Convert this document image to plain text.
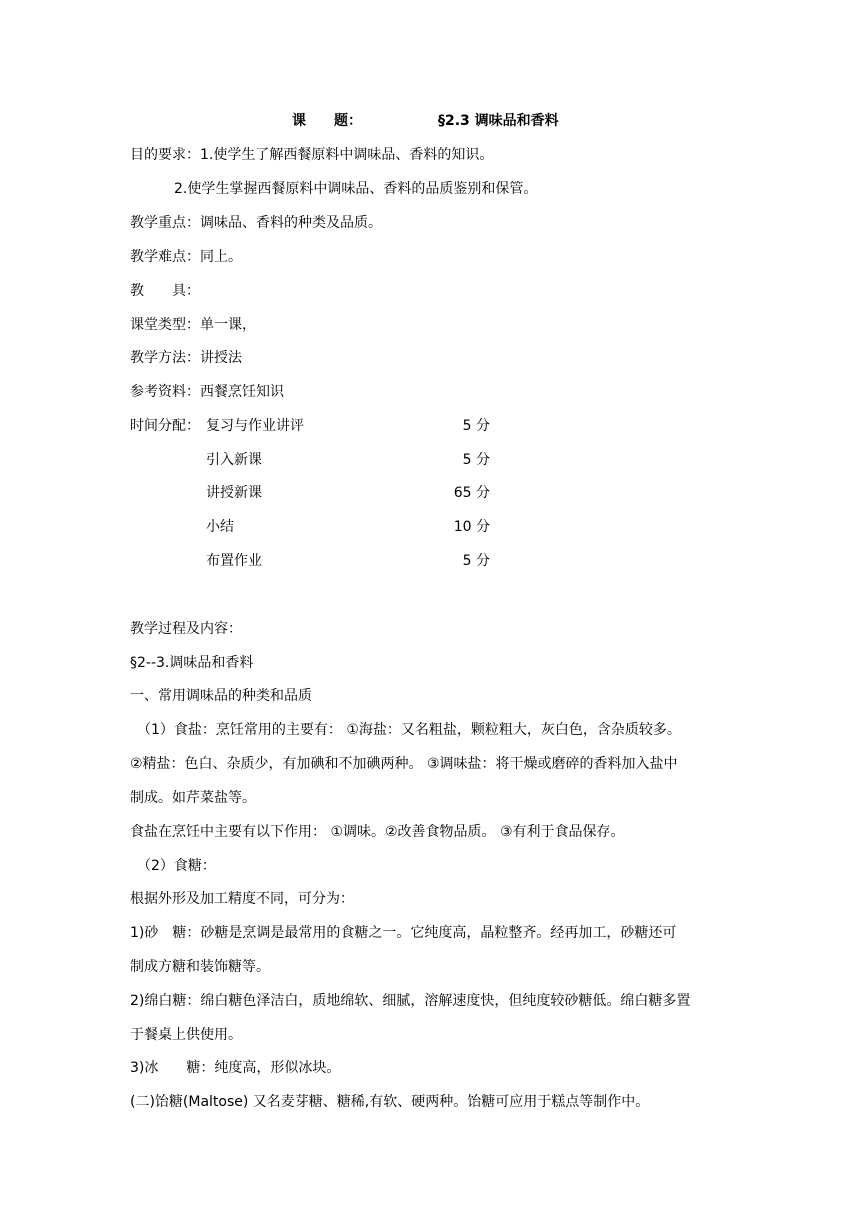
课　　题：	§2.3 调味品和香料
目的要求：1.使学生了解西餐原料中调味品、香料的知识。
2.使学生掌握西餐原料中调味品、香料的品质鉴别和保管。
教学重点：调味品、香料的种类及品质。
教学难点：同上。
教　　具：
课堂类型：单一课，
教学方法：讲授法
参考资料：西餐烹饪知识
时间分配： 复习与作业讲评	5 分
引入新课	5 分
讲授新课	65 分
小结	10 分
布置作业	5 分
教学过程及内容：
§2--3.调味品和香料
一、常用调味品的种类和品质
（1）食盐：烹饪常用的主要有： ①海盐：又名粗盐，颗粒粗大，灰白色，含杂质较多。
②精盐：色白、杂质少，有加碘和不加碘两种。 ③调味盐：将干燥或磨碎的香料加入盐中
制成。如芹菜盐等。
食盐在烹饪中主要有以下作用： ①调味。②改善食物品质。 ③有利于食品保存。
（2）食糖：
根据外形及加工精度不同，可分为：
1)砂　糖：砂糖是烹调是最常用的食糖之一。它纯度高，晶粒整齐。经再加工，砂糖还可
制成方糖和装饰糖等。
2)绵白糖：绵白糖色泽洁白，质地绵软、细腻，溶解速度快，但纯度较砂糖低。绵白糖多置
于餐桌上供使用。
3)冰　　糖：纯度高，形似冰块。
(二)饴糖(Maltose) 又名麦芽糖、糖稀,有软、硬两种。饴糖可应用于糕点等制作中。
